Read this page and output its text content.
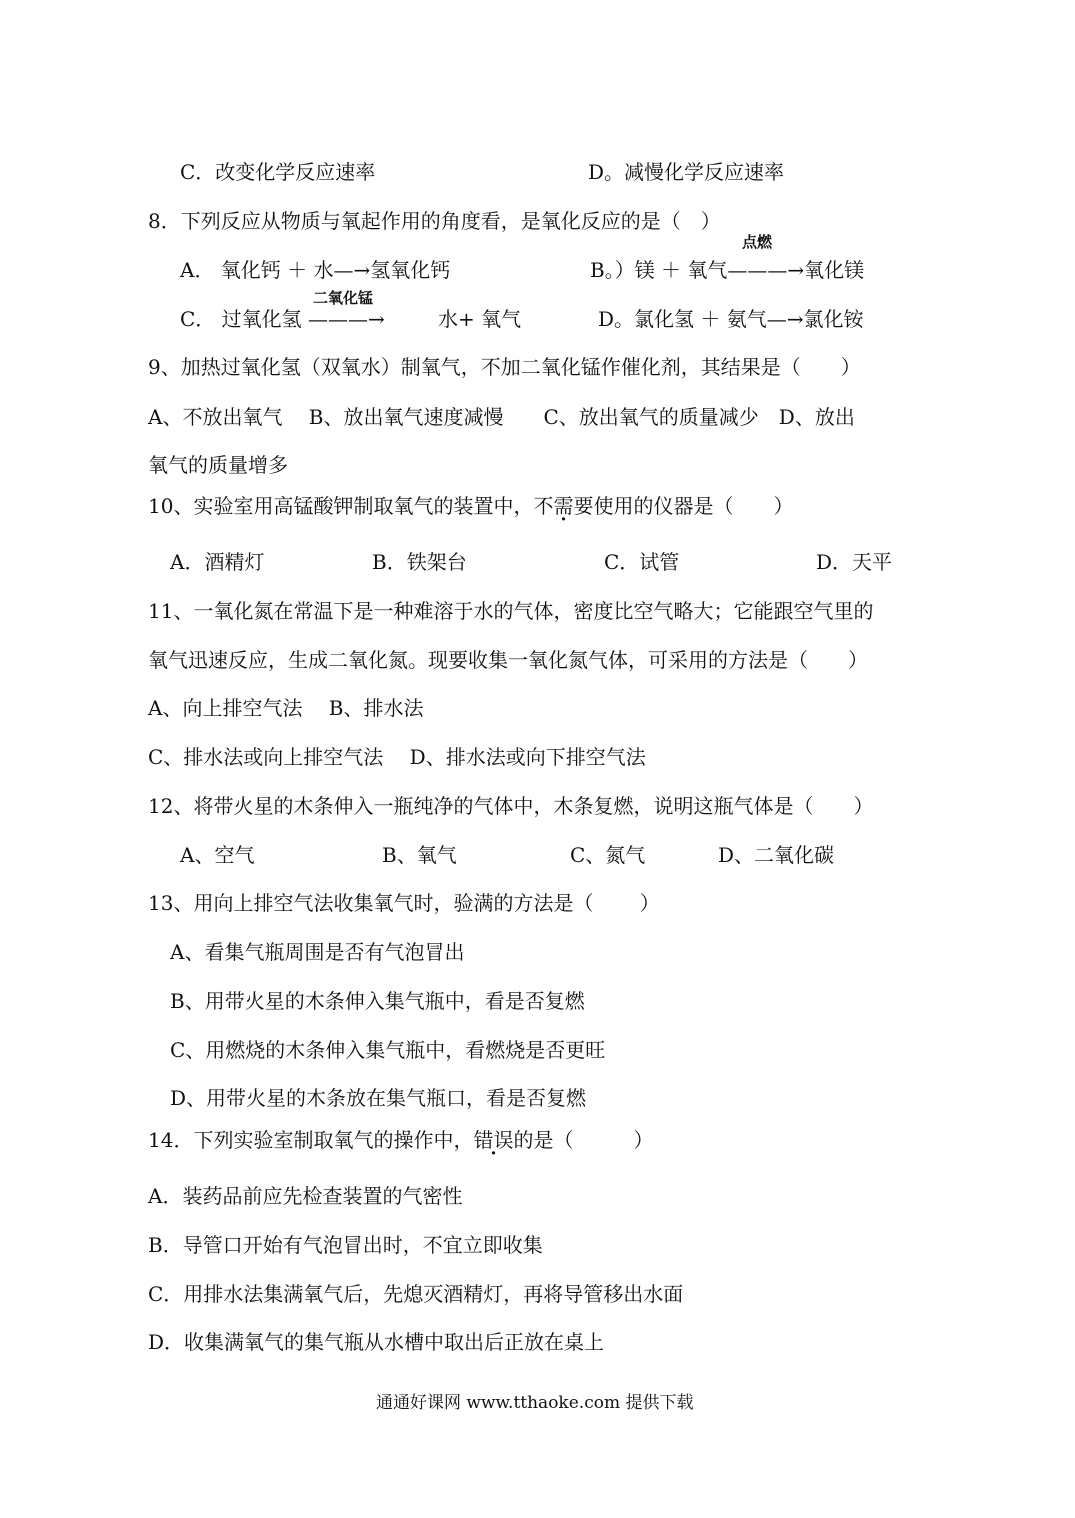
C．改变化学反应速率	D。减慢化学反应速率
8．下列反应从物质与氧起作用的角度看，是氧化反应的是（　）
点燃
A． 氧化钙 ＋ 水—→氢氧化钙	B。）镁 ＋ 氧气———→氧化镁
二氧化锰
C． 过氧化氢 ———→	水+ 氧气	D。氯化氢 ＋ 氨气—→氯化铵
9、加热过氧化氢（双氧水）制氧气，不加二氧化锰作催化剂，其结果是（　　）
A、不放出氧气　 B、放出氧气速度减慢　　C、放出氧气的质量减少　D、放出
氧气的质量增多
10、实验室用高锰酸钾制取氧气的装置中，不需要使用的仪器是（　　）
A．酒精灯	B．铁架台	C．试管	D．天平
11、一氧化氮在常温下是一种难溶于水的气体，密度比空气略大；它能跟空气里的
氧气迅速反应，生成二氧化氮。现要收集一氧化氮气体，可采用的方法是（　　）
A、向上排空气法　 B、排水法
C、排水法或向上排空气法　 D、排水法或向下排空气法
12、将带火星的木条伸入一瓶纯净的气体中，木条复燃，说明这瓶气体是（　　）
A、空气	B、氧气	C、氮气	D、二氧化碳
13、用向上排空气法收集氧气时，验满的方法是（　　 ）
A、看集气瓶周围是否有气泡冒出
B、用带火星的木条伸入集气瓶中，看是否复燃
C、用燃烧的木条伸入集气瓶中，看燃烧是否更旺
D、用带火星的木条放在集气瓶口，看是否复燃
14．下列实验室制取氧气的操作中，错误的是（　　　）
A．装药品前应先检查装置的气密性
B．导管口开始有气泡冒出时，不宜立即收集
C．用排水法集满氧气后，先熄灭酒精灯，再将导管移出水面
D．收集满氧气的集气瓶从水槽中取出后正放在桌上
通通好课网 www.tthaoke.com 提供下载
